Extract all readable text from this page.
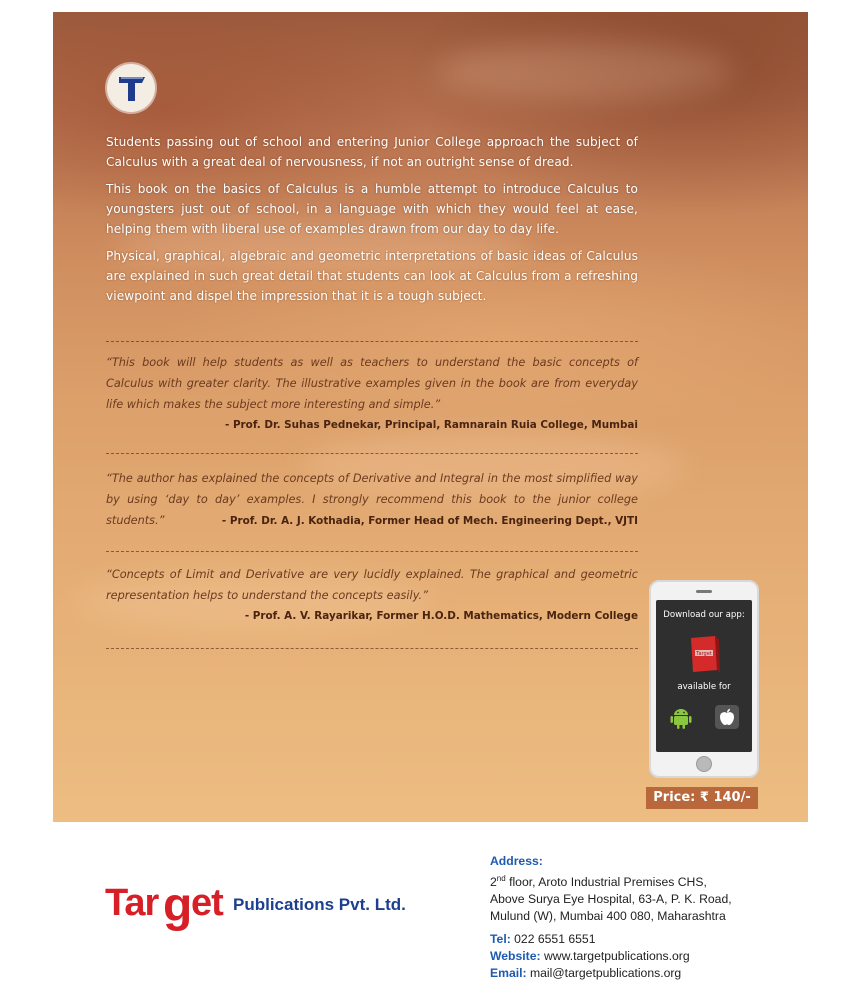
Students passing out of school and entering Junior College approach the subject of Calculus with a great deal of nervousness, if not an outright sense of dread.

This book on the basics of Calculus is a humble attempt to introduce Calculus to youngsters just out of school, in a language with which they would feel at ease, helping them with liberal use of examples drawn from our day to day life.

Physical, graphical, algebraic and geometric interpretations of basic ideas of Calculus are explained in such great detail that students can look at Calculus from a refreshing viewpoint and dispel the impression that it is a tough subject.

“This book will help students as well as teachers to understand the basic concepts of Calculus with greater clarity. The illustrative examples given in the book are from everyday life which makes the subject more interesting and simple.”
- Prof. Dr. Suhas Pednekar, Principal, Ramnarain Ruia College, Mumbai
“The author has explained the concepts of Derivative and Integral in the most simplified way by using ‘day to day’ examples. I strongly recommend this book to the junior college students.”	- Prof. Dr. A. J. Kothadia, Former Head of Mech. Engineering Dept., VJTI
“Concepts of Limit and Derivative are very lucidly explained. The graphical and geometric representation helps to understand the concepts easily.”
- Prof. A. V. Rayarikar, Former H.O.D. Mathematics, Modern College	Download our app:
Target
available for
Price: ₹ 140/-
Tar g
et Publications Pvt. Ltd.
Address:
2nd floor, Aroto Industrial Premises CHS,
Above Surya Eye Hospital, 63-A, P. K. Road,
Mulund (W), Mumbai 400 080, Maharashtra
Tel: 022 6551 6551
Website: www.targetpublications.org
Email: mail@targetpublications.org
